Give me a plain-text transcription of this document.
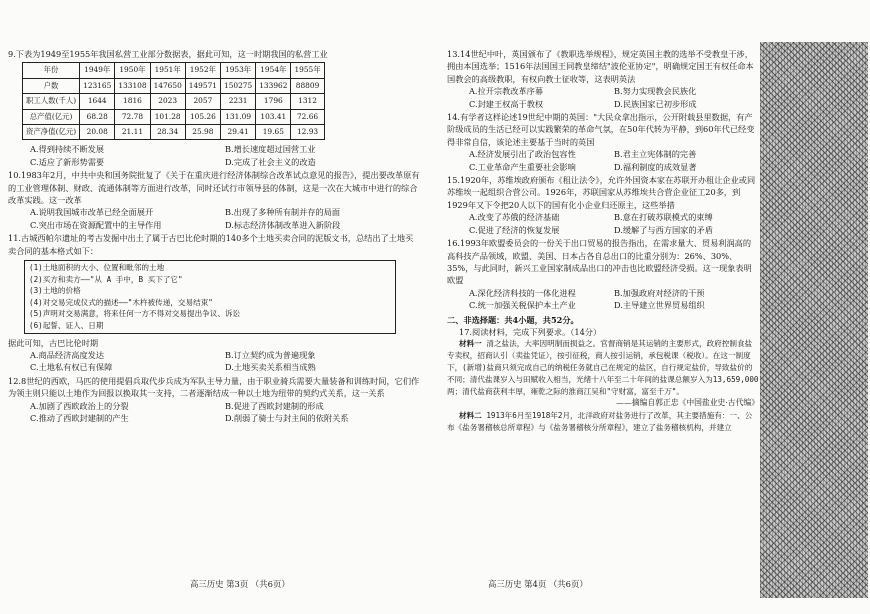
9.下表为1949至1955年我国私营工业部分数据表，据此可知，这一时期我国的私营工业
年份	1949年	1950年	1951年	1952年	1953年	1954年	1955年
户数	123165	133108	147650	149571	150275	133962	88809
职工人数(千人)	1644	1816	2023	2057	2231	1796	1312
总产值(亿元)	68.28	72.78	101.28	105.26	131.09	103.41	72.66
资产净值(亿元)	20.08	21.11	28.34	25.98	29.41	19.65	12.93
A.得到持续不断发展	B.增长速度超过国营工业
C.适应了新形势需要	D.完成了社会主义的改造
10.1983年2月，中共中央和国务院批复了《关于在重庆进行经济体制综合改革试点意见的报告》，提出要改革原有的工业管理体制、财政、流通体制等方面进行改革，同时还试行市领导县的体制，这是一次在大城市中进行的综合改革实践。这一改革
A.说明我国城市改革已经全面展开	B.出现了多种所有制并存的局面
C.突出市场在资源配置中的主导作用	D.标志经济体制改革进入新阶段
11.古城西帕尔遗址的考古发掘中出土了属于古巴比伦时期的140多个土地买卖合同的泥版文书，总结出了土地买卖合同的基本格式如下：
(1)土地面积的大小、位置和毗邻的土地
(2)买方和卖方——"从 A 手中，B 买下了它"
(3)土地的价格
(4)对交易完成仪式的描述——"木杵被传递，交易结束"
(5)声明对交易满意，将来任何一方不得对交易提出争议、诉讼
(6)起誓、证人、日期
据此可知，古巴比伦时期
A.商品经济高度发达	B.订立契约成为普遍现象
C.土地私有权已有保障	D.土地买卖关系相当成熟
12.8世纪的西欧，马匹的使用提倡兵取代步兵成为军队主导力量，由于职业骑兵需要大量装备和训练时间，它们作为领主则只能以土地作为回报以换取其一支持，二者逐渐结成一种以土地为纽带的契约式关系，这一关系
A.加剧了西欧政治上的分裂	B.促进了西欧封建制的形成
C.推动了西欧封建制的产生	D.削弱了骑士与封主间的依附关系
高三历史 第3页 （共6页）
13.14世纪中叶，英国颁布了《教职选举规程》，规定英国主教的选举不受教皇干涉，拥由本国选举；1516年法国国王同教皇缔结"波伦亚协定"，明确规定国王有权任命本国教会的高级教职，有权向教士征收等，这表明英法
A.拉开宗教改革序幕	B.努力实现教会民族化
C.封建王权高于教权	D.民族国家已初步形成
14.有学者这样论述19世纪中期的英国："大民众拿出指示，公开附载县里数据，有产阶级成员的生活已经可以实践繁荣的革命气氛，在50年代转为平静，到60年代已经变得非常自信，该论述主要基于当时的英国
A.经济发展引出了政治包容性	B.君主立宪体制的完善
C.工业革命产生重要社会影响	D.福利制度的成效显著
15.1920年，苏维埃政府颁布《租让法令》，允许外国资本家在苏联开办租让企业或同苏维埃一起组织合营公司。1926年，苏联国家从苏维埃共合营企业征工20多，到1929年又下令把20人以下的国有化小企业归还原主，这些举措
A.改变了苏俄的经济基础	B.意在打破苏联模式的束缚
C.促进了经济的恢复发展	D.缓解了与西方国家的矛盾
16.1993年欧盟委员会的一份关于出口贸易的报告指出，在需求量大、贸易利润高的高科技产品领域，欧盟、美国、日本占各自总出口的比重分别为：26%、30%、35%，与此同时，新兴工业国家制成品出口的冲击也比欧盟经济受损。这一现象表明欧盟
A.深化经济科技的一体化进程	B.加强政府对经济的干预
C.统一加强关税保护本土产业	D.主导建立世界贸易组织
二、非选择题：共4小题，共52分。
17.阅读材料，完成下列要求。（14分）
材料一 清之盐法，大率因明制而损益之。官督商销是其运销的主要形式，政府控制食盐专卖权，招商认引（卖盐凭证），按引征税，商人按引运销，承包税课（税收）。在这一制度下，(新增)盐商只须完成自己的纳税任务就自己在规定的盐区，自行规定盐价，导致盐价的不同；清代盐课岁入与田赋收入相当，光绪十八年至二十年间的盐课总额岁入为13,659,000两；清代盐商获利丰厚，雍乾之际的淮商江吴和"守财富，富至千万"。
——摘编自郭正忠《中国盐业史·古代编》
材料二 1913年6月至1918年2月，北洋政府对盐务进行了改革，其主要措施有：一、公布《盐务署稽核总所章程》与《盐务署稽核分所章程》，建立了盐务稽核机构，并建立
高三历史 第4页 （共6页）
